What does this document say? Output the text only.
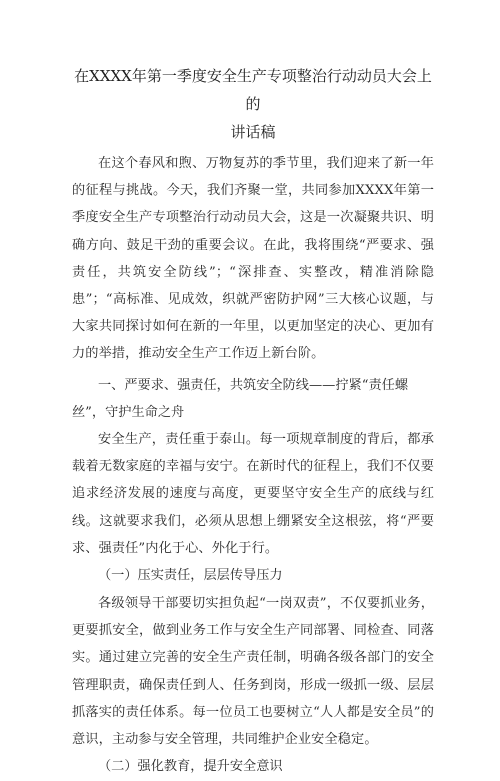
在XXXX年第一季度安全生产专项整治行动动员大会上的
讲话稿

在这个春风和煦、万物复苏的季节里，我们迎来了新一年的征程与挑战。今天，我们齐聚一堂，共同参加XXXX年第一季度安全生产专项整治行动动员大会，这是一次凝聚共识、明确方向、鼓足干劲的重要会议。在此，我将围绕“严要求、强责任，共筑安全防线”；“深排查、实整改，精准消除隐患”；“高标准、见成效，织就严密防护网”三大核心议题，与大家共同探讨如何在新的一年里，以更加坚定的决心、更加有力的举措，推动安全生产工作迈上新台阶。

一、严要求、强责任，共筑安全防线——拧紧“责任螺丝”，守护生命之舟

安全生产，责任重于泰山。每一项规章制度的背后，都承载着无数家庭的幸福与安宁。在新时代的征程上，我们不仅要追求经济发展的速度与高度，更要坚守安全生产的底线与红线。这就要求我们，必须从思想上绷紧安全这根弦，将“严要求、强责任”内化于心、外化于行。

（一）压实责任，层层传导压力

各级领导干部要切实担负起“一岗双责”，不仅要抓业务，更要抓安全，做到业务工作与安全生产同部署、同检查、同落实。通过建立完善的安全生产责任制，明确各级各部门的安全管理职责，确保责任到人、任务到岗，形成一级抓一级、层层抓落实的责任体系。每一位员工也要树立“人人都是安全员”的意识，主动参与安全管理，共同维护企业安全稳定。

（二）强化教育，提升安全意识
